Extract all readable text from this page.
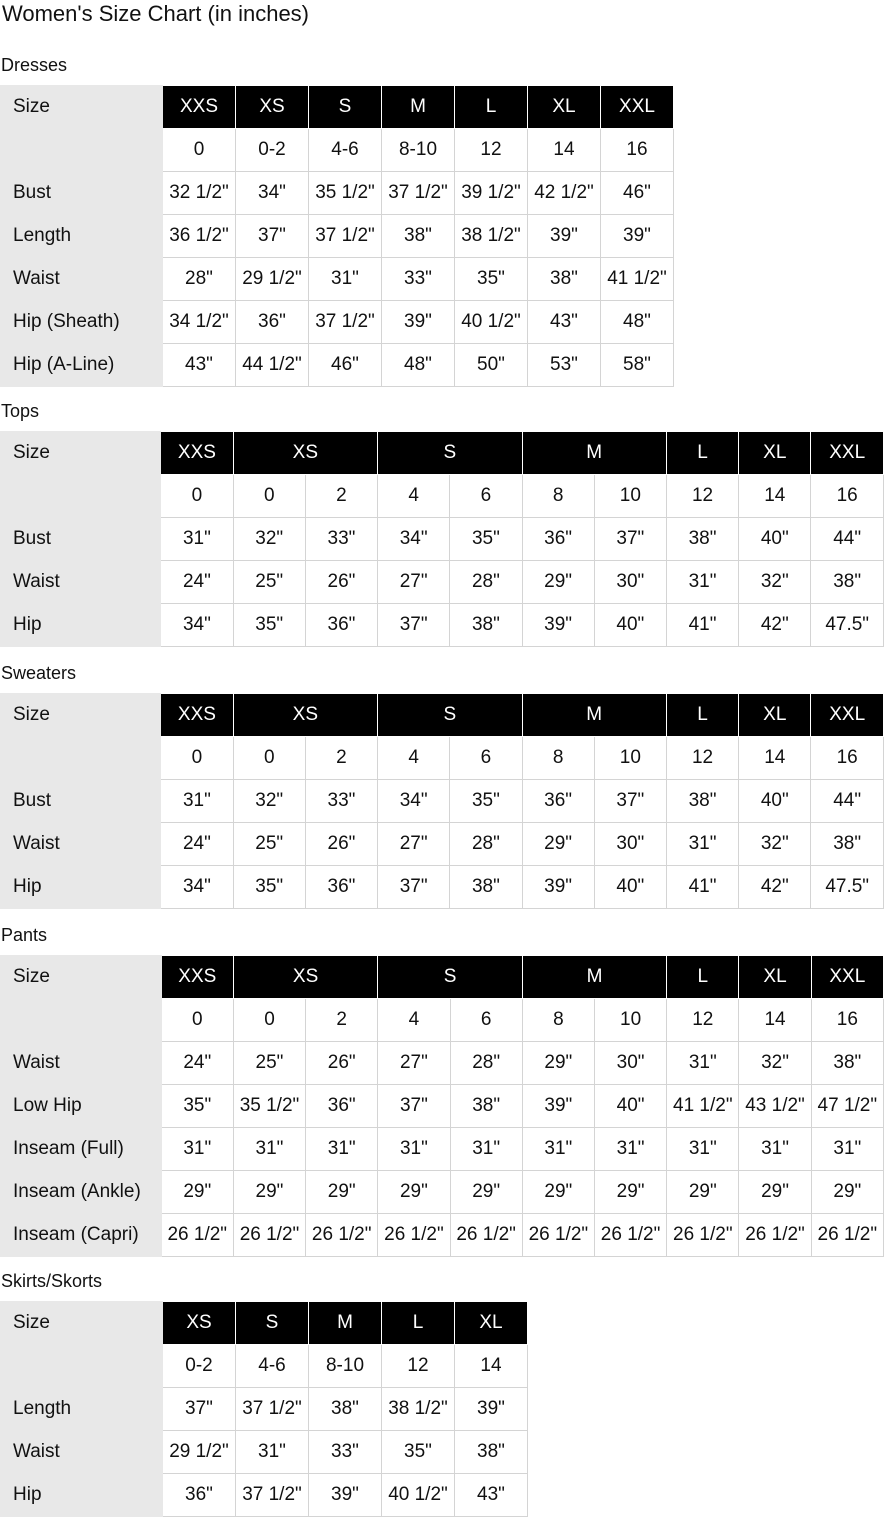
Women's Size Chart (in inches)
Dresses
Size	XXS	XS	S	M	L	XL	XXL
	0	0-2	4-6	8-10	12	14	16
Bust	32 1/2"	34"	35 1/2"	37 1/2"	39 1/2"	42 1/2"	46"
Length	36 1/2"	37"	37 1/2"	38"	38 1/2"	39"	39"
Waist	28"	29 1/2"	31"	33"	35"	38"	41 1/2"
Hip (Sheath)	34 1/2"	36"	37 1/2"	39"	40 1/2"	43"	48"
Hip (A-Line)	43"	44 1/2"	46"	48"	50"	53"	58"
Tops
Size	XXS	XS		S		M		L	XL	XXL
	0	0	2	4	6	8	10	12	14	16
Bust	31"	32"	33"	34"	35"	36"	37"	38"	40"	44"
Waist	24"	25"	26"	27"	28"	29"	30"	31"	32"	38"
Hip	34"	35"	36"	37"	38"	39"	40"	41"	42"	47.5"
Sweaters
Size	XXS	XS		S		M		L	XL	XXL
	0	0	2	4	6	8	10	12	14	16
Bust	31"	32"	33"	34"	35"	36"	37"	38"	40"	44"
Waist	24"	25"	26"	27"	28"	29"	30"	31"	32"	38"
Hip	34"	35"	36"	37"	38"	39"	40"	41"	42"	47.5"
Pants
Size	XXS	XS		S		M		L	XL	XXL
	0	0	2	4	6	8	10	12	14	16
Waist	24"	25"	26"	27"	28"	29"	30"	31"	32"	38"
Low Hip	35"	35 1/2"	36"	37"	38"	39"	40"	41 1/2"	43 1/2"	47 1/2"
Inseam (Full)	31"	31"	31"	31"	31"	31"	31"	31"	31"	31"
Inseam (Ankle)	29"	29"	29"	29"	29"	29"	29"	29"	29"	29"
Inseam (Capri)	26 1/2"	26 1/2"	26 1/2"	26 1/2"	26 1/2"	26 1/2"	26 1/2"	26 1/2"	26 1/2"	26 1/2"
Skirts/Skorts
Size	XS	S	M	L	XL
	0-2	4-6	8-10	12	14
Length	37"	37 1/2"	38"	38 1/2"	39"
Waist	29 1/2"	31"	33"	35"	38"
Hip	36"	37 1/2"	39"	40 1/2"	43"
